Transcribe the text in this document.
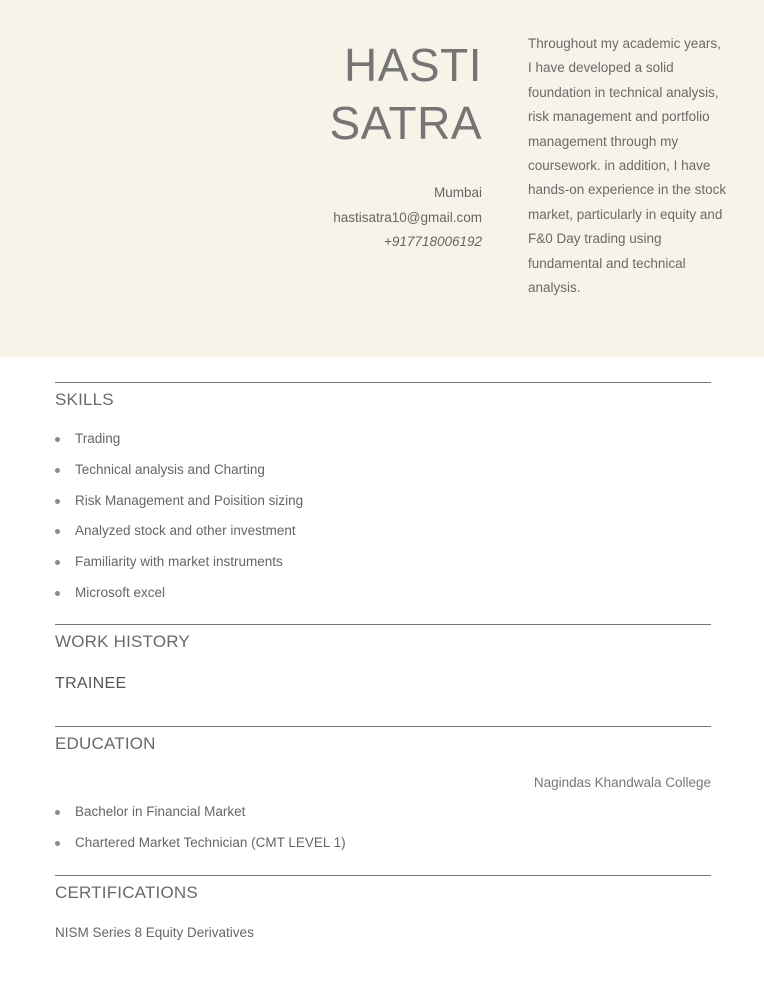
HASTI
SATRA
Mumbai
hastisatra10@gmail.com
+917718006192

Throughout my academic years, I have developed a solid foundation in technical analysis, risk management and portfolio management through my coursework. in addition, I have hands-on experience in the stock market, particularly in equity and F&0 Day trading using fundamental and technical analysis.

SKILLS
Trading
Technical analysis and Charting
Risk Management and Poisition sizing
Analyzed stock and other investment
Familiarity with market instruments
Microsoft excel
WORK HISTORY
TRAINEE
EDUCATION
Nagindas Khandwala College
Bachelor in Financial Market
Chartered Market Technician (CMT LEVEL 1)
CERTIFICATIONS
NISM Series 8 Equity Derivatives
